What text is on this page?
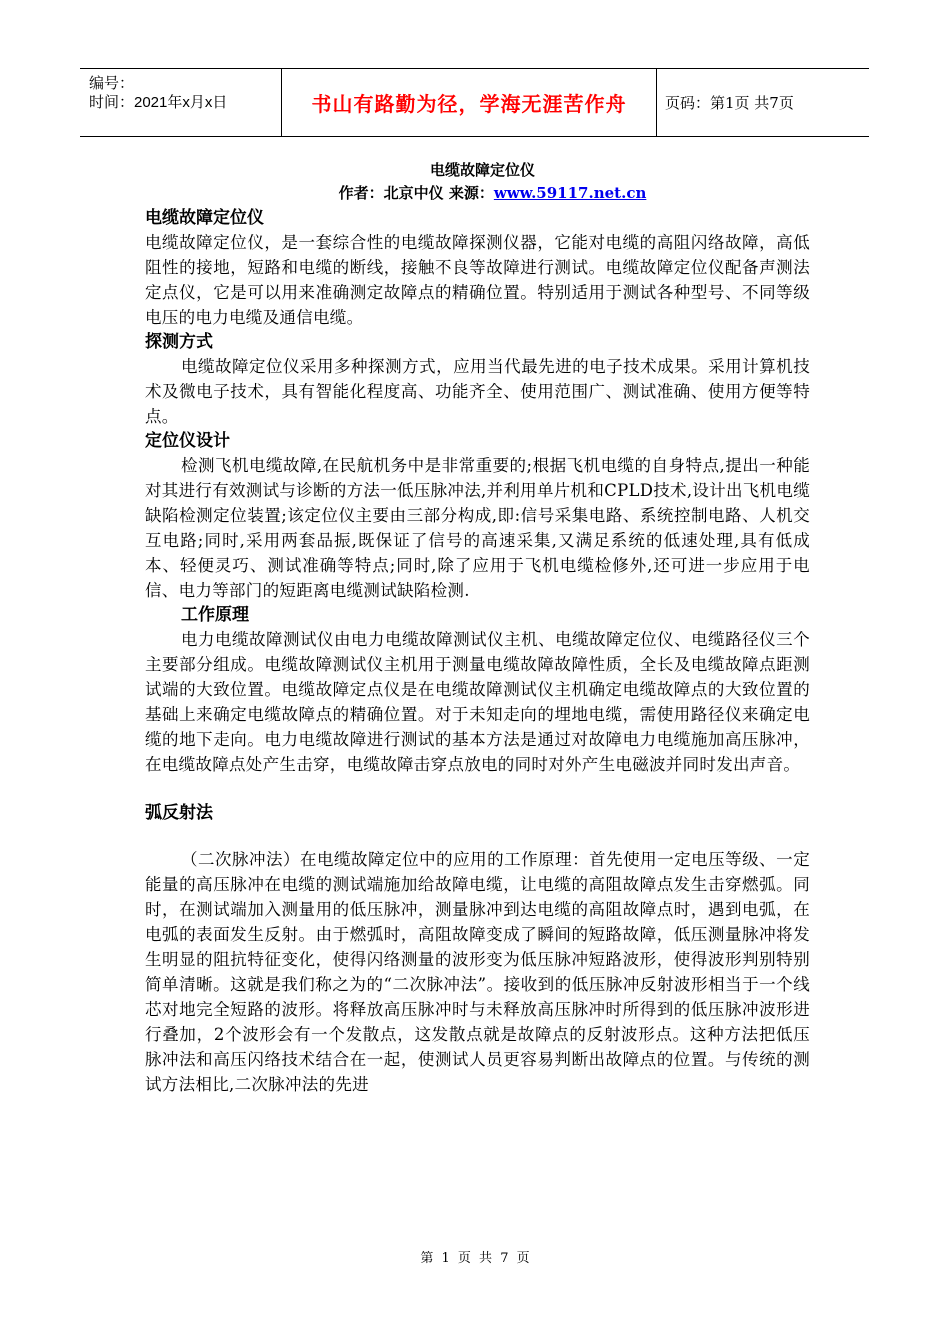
编号：
时间：2021年x月x日	书山有路勤为径，学海无涯苦作舟	页码：第1页 共7页
电缆故障定位仪
作者：北京中仪 来源：www.59117.net.cn
电缆故障定位仪
电缆故障定位仪，是一套综合性的电缆故障探测仪器，它能对电缆的高阻闪络故障，高低阻性的接地，短路和电缆的断线，接触不良等故障进行测试。电缆故障定位仪配备声测法定点仪，它是可以用来准确测定故障点的精确位置。特别适用于测试各种型号、不同等级电压的电力电缆及通信电缆。
探测方式
电缆故障定位仪采用多种探测方式，应用当代最先进的电子技术成果。采用计算机技术及微电子技术，具有智能化程度高、功能齐全、使用范围广、测试准确、使用方便等特点。
定位仪设计
检测飞机电缆故障,在民航机务中是非常重要的;根据飞机电缆的自身特点,提出一种能对其进行有效测试与诊断的方法一低压脉冲法,并利用单片机和CPLD技术,设计出飞机电缆缺陷检测定位装置;该定位仪主要由三部分构成,即:信号采集电路、系统控制电路、人机交互电路;同时,采用两套品振,既保证了信号的高速采集,又满足系统的低速处理,具有低成本、轻便灵巧、测试准确等特点;同时,除了应用于飞机电缆检修外,还可进一步应用于电信、电力等部门的短距离电缆测试缺陷检测.
工作原理
电力电缆故障测试仪由电力电缆故障测试仪主机、电缆故障定位仪、电缆路径仪三个主要部分组成。电缆故障测试仪主机用于测量电缆故障故障性质，全长及电缆故障点距测试端的大致位置。电缆故障定点仪是在电缆故障测试仪主机确定电缆故障点的大致位置的基础上来确定电缆故障点的精确位置。对于未知走向的埋地电缆，需使用路径仪来确定电缆的地下走向。电力电缆故障进行测试的基本方法是通过对故障电力电缆施加高压脉冲，在电缆故障点处产生击穿，电缆故障击穿点放电的同时对外产生电磁波并同时发出声音。
弧反射法
（二次脉冲法）在电缆故障定位中的应用的工作原理：首先使用一定电压等级、一定能量的高压脉冲在电缆的测试端施加给故障电缆，让电缆的高阻故障点发生击穿燃弧。同时，在测试端加入测量用的低压脉冲，测量脉冲到达电缆的高阻故障点时，遇到电弧，在电弧的表面发生反射。由于燃弧时，高阻故障变成了瞬间的短路故障，低压测量脉冲将发生明显的阻抗特征变化，使得闪络测量的波形变为低压脉冲短路波形，使得波形判别特别简单清晰。这就是我们称之为的“二次脉冲法”。接收到的低压脉冲反射波形相当于一个线芯对地完全短路的波形。将释放高压脉冲时与未释放高压脉冲时所得到的低压脉冲波形进行叠加，2个波形会有一个发散点，这发散点就是故障点的反射波形点。这种方法把低压脉冲法和高压闪络技术结合在一起，使测试人员更容易判断出故障点的位置。与传统的测试方法相比,二次脉冲法的先进
第 1 页 共 7 页
